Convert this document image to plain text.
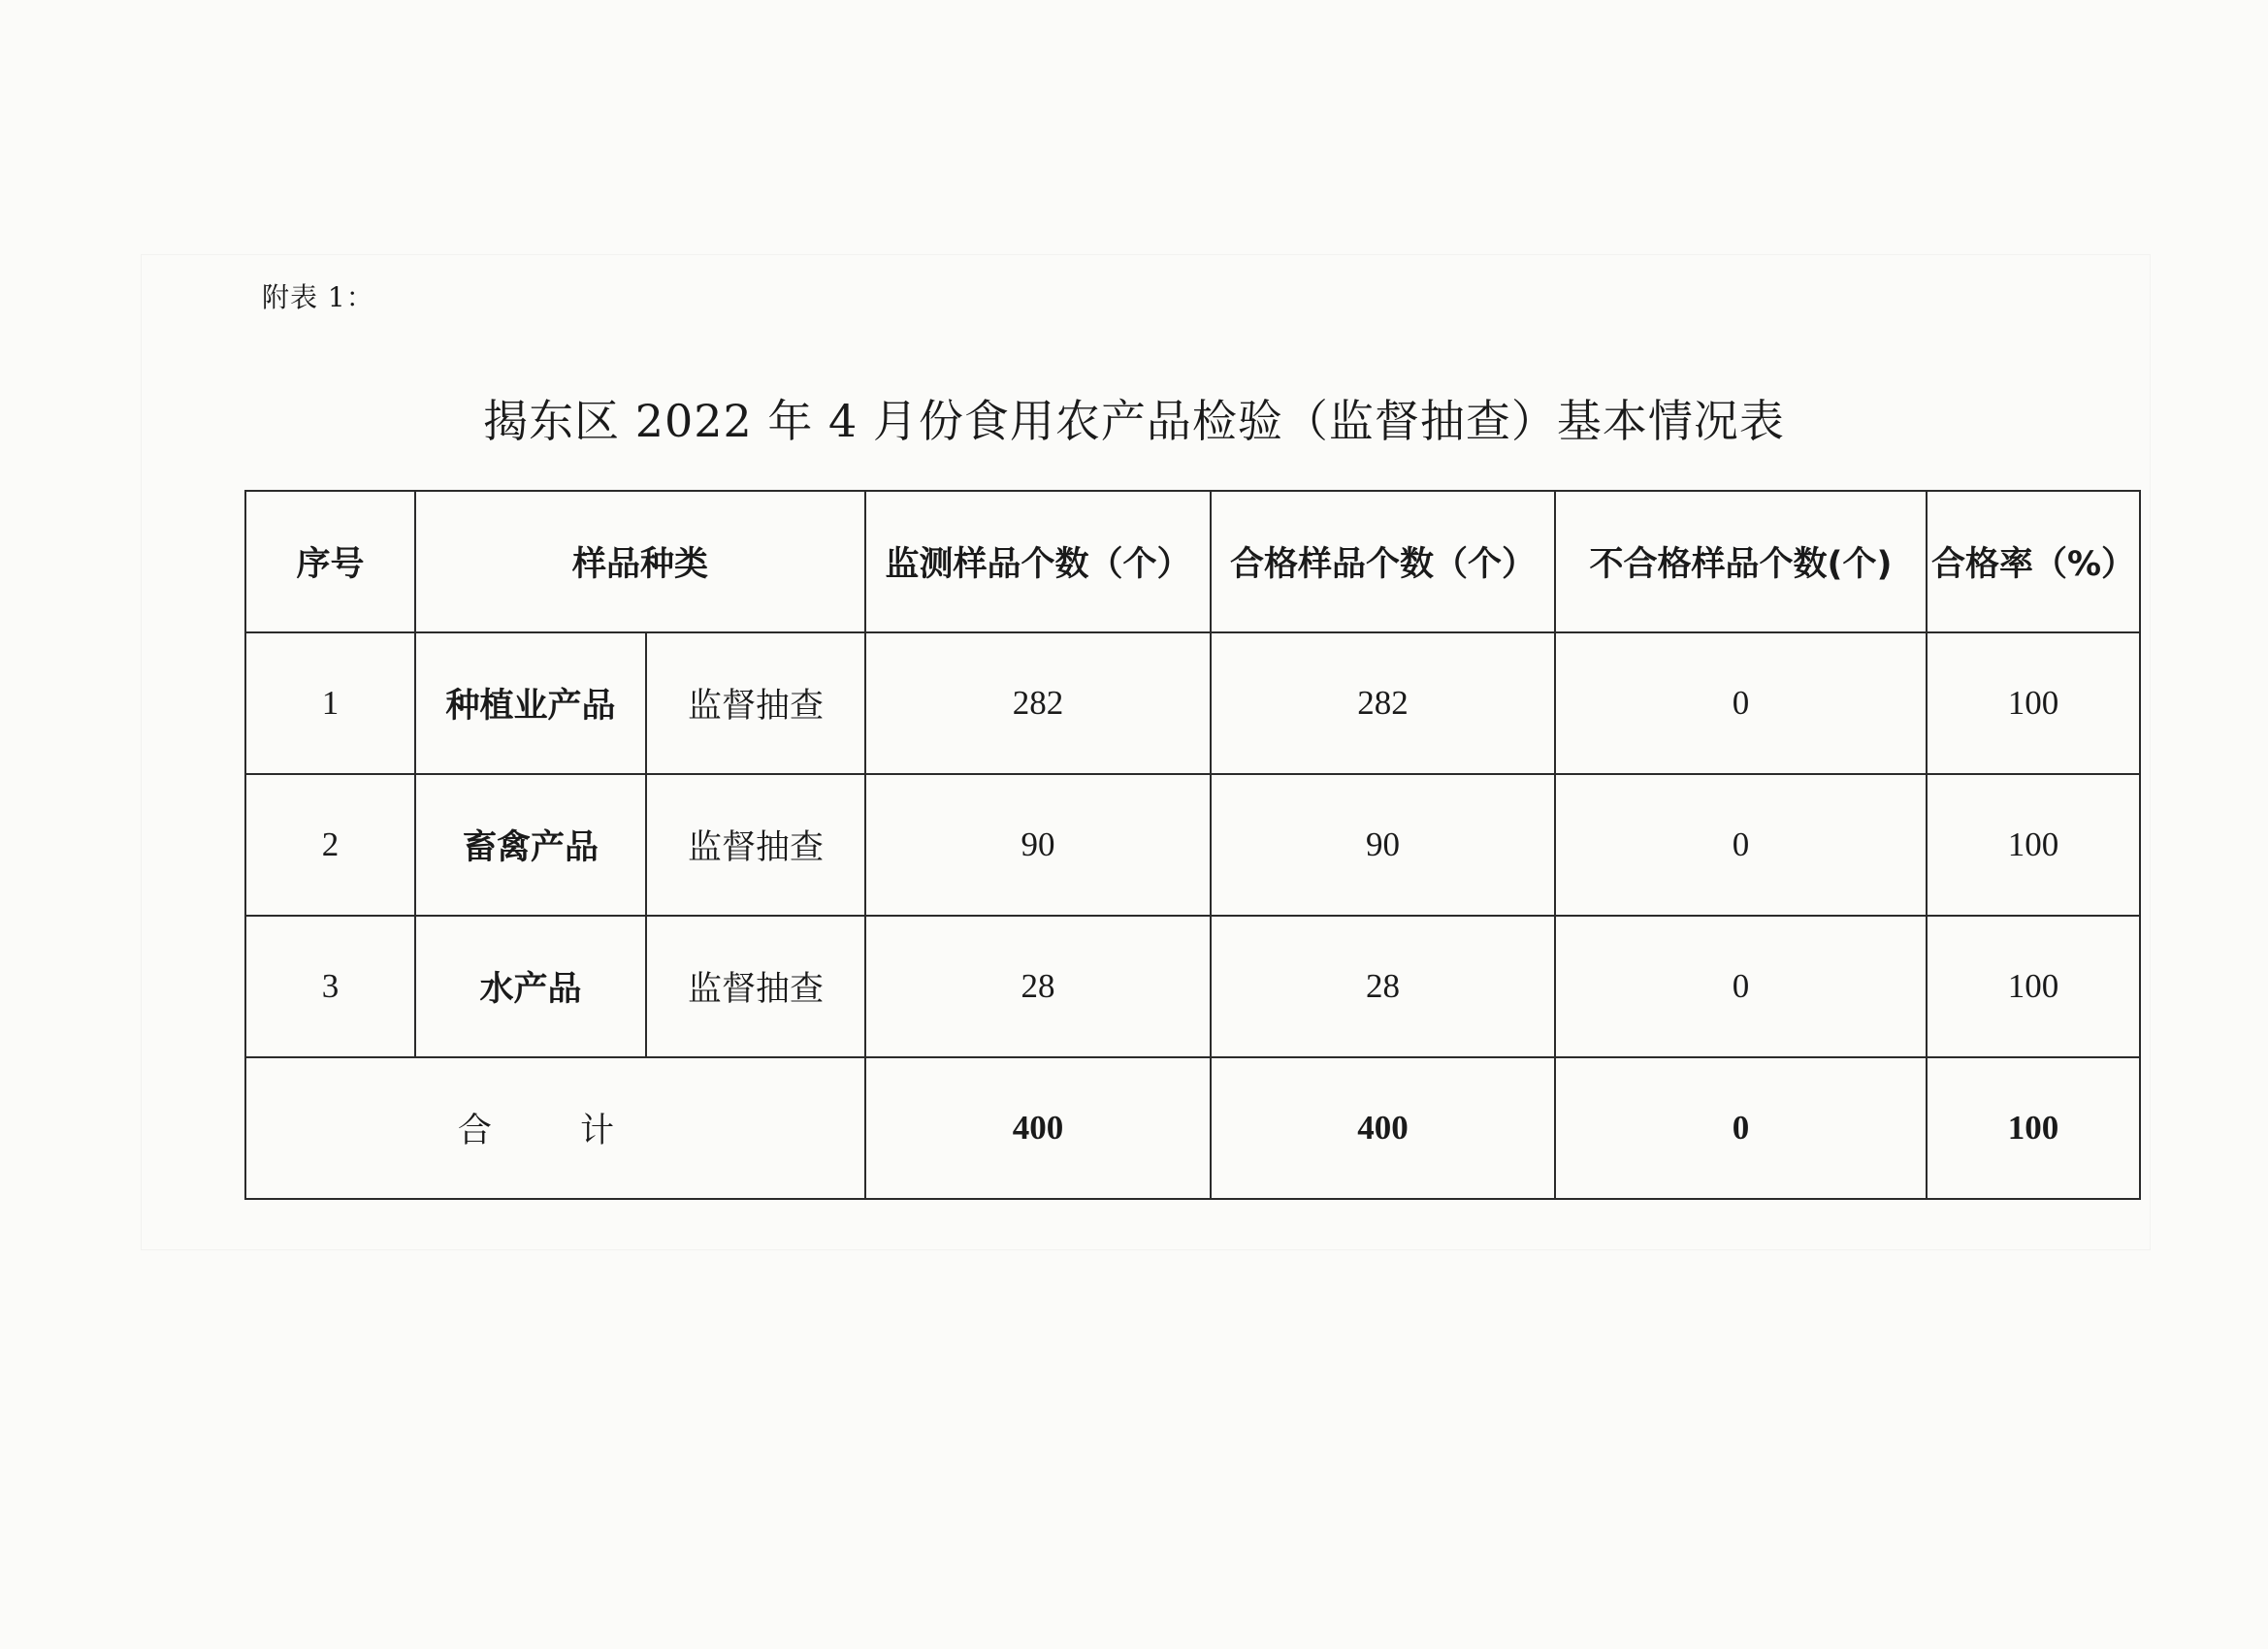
附表 1：
揭东区 2022 年 4 月份食用农产品检验（监督抽查）基本情况表
序号	样品种类		监测样品个数（个）	合格样品个数（个）	不合格样品个数(个)	合格率（%）
1	种植业产品	监督抽查	282	282	0	100
2	畜禽产品	监督抽查	90	90	0	100
3	水产品	监督抽查	28	28	0	100
合 计			400	400	0	100
